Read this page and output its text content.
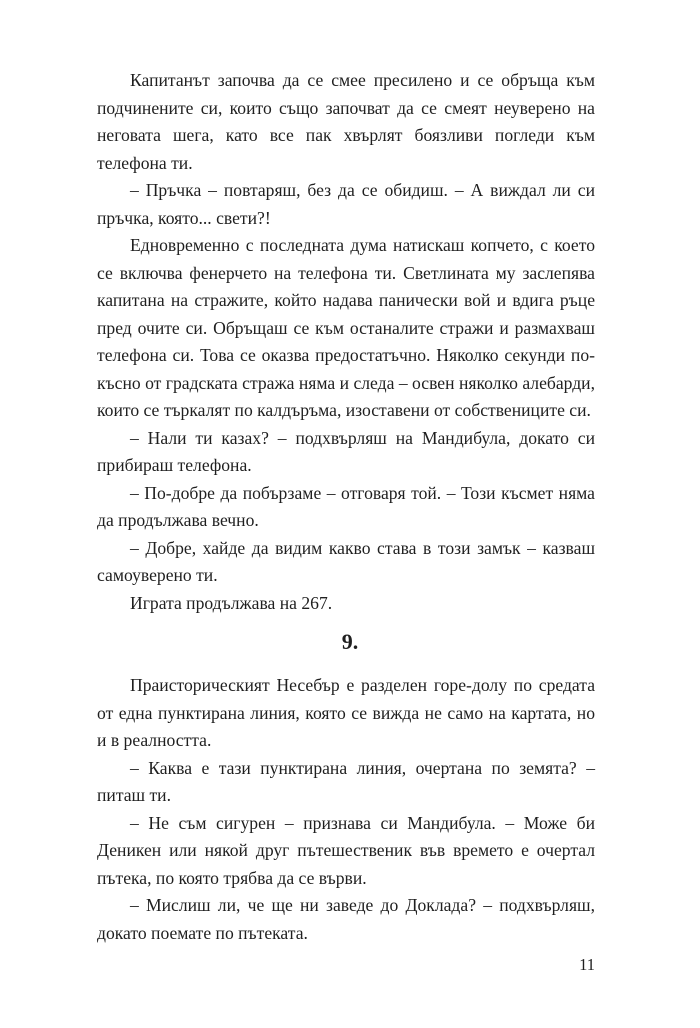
Капитанът започва да се смее пресилено и се обръща към подчинените си, които също започват да се смеят неуверено на неговата шега, като все пак хвърлят боязливи погледи към телефона ти.

– Пръчка – повтаряш, без да се обидиш. – А виждал ли си пръчка, която... свети?!

Едновременно с последната дума натискаш копчето, с което се включва фенерчето на телефона ти. Светлината му заслепява капитана на стражите, който надава панически вой и вдига ръце пред очите си. Обръщаш се към останалите стражи и размахваш телефона си. Това се оказва предостатъчно. Няколко секунди по-късно от градската стража няма и следа – освен няколко алебарди, които се търкалят по калдъръма, изоставени от собствениците си.

– Нали ти казах? – подхвърляш на Мандибула, докато си прибираш телефона.

– По-добре да побързаме – отговаря той. – Този късмет няма да продължава вечно.

– Добре, хайде да видим какво става в този замък – казваш самоуверено ти.

Играта продължава на 267.

9.

Праисторическият Несебър е разделен горе-долу по средата от една пунктирана линия, която се вижда не само на картата, но и в реалността.

– Каква е тази пунктирана линия, очертана по земята? – питаш ти.

– Не съм сигурен – признава си Мандибула. – Може би Деникен или някой друг пътешественик във времето е очертал пътека, по която трябва да се върви.

– Мислиш ли, че ще ни заведе до Доклада? – подхвърляш, докато поемате по пътеката.

11
